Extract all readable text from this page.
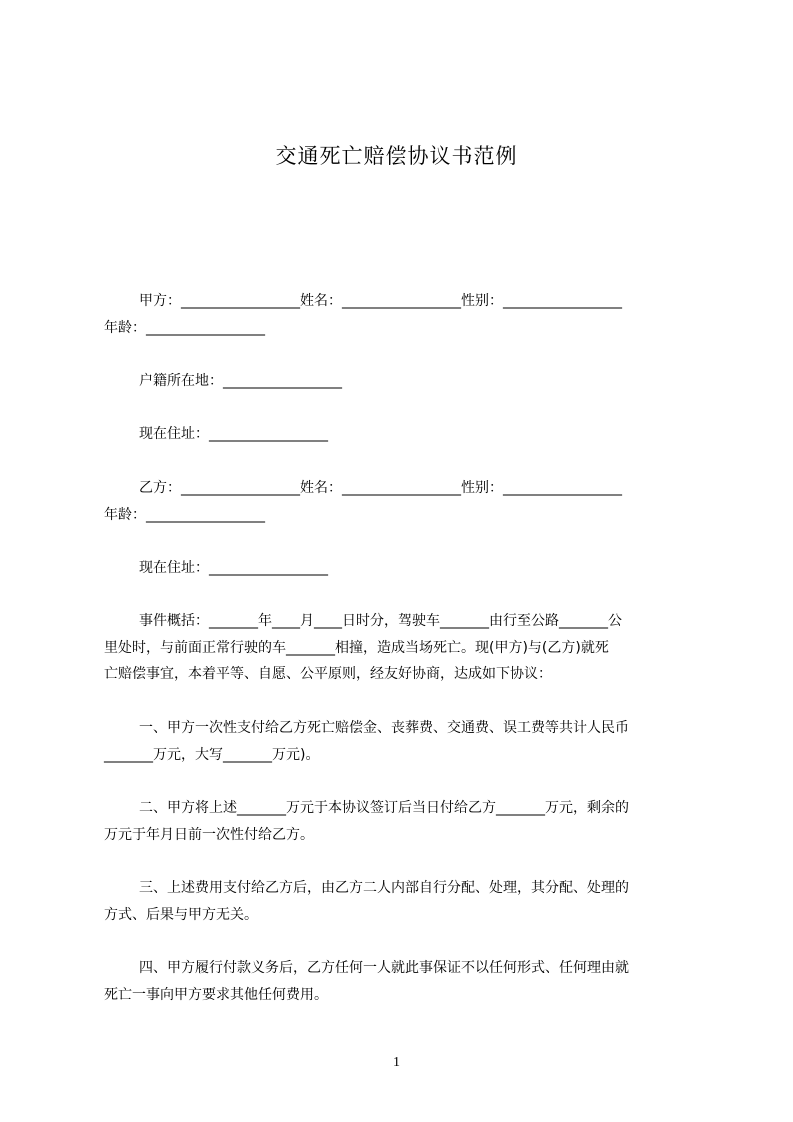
交通死亡赔偿协议书范例
甲方：_________________姓名：_________________性别：_________________
年龄：_________________
户籍所在地：_________________
现在住址：_________________
乙方：_________________姓名：_________________性别：_________________
年龄：_________________
现在住址：_________________
事件概括：_______年____月____日时分，驾驶车_______由行至公路_______公
里处时，与前面正常行驶的车_______相撞，造成当场死亡。现(甲方)与(乙方)就死
亡赔偿事宜，本着平等、自愿、公平原则，经友好协商，达成如下协议：
一、甲方一次性支付给乙方死亡赔偿金、丧葬费、交通费、误工费等共计人民币
_______万元，大写_______万元)。
二、甲方将上述_______万元于本协议签订后当日付给乙方_______万元，剩余的
万元于年月日前一次性付给乙方。
三、上述费用支付给乙方后，由乙方二人内部自行分配、处理，其分配、处理的
方式、后果与甲方无关。
四、甲方履行付款义务后，乙方任何一人就此事保证不以任何形式、任何理由就
死亡一事向甲方要求其他任何费用。
1
